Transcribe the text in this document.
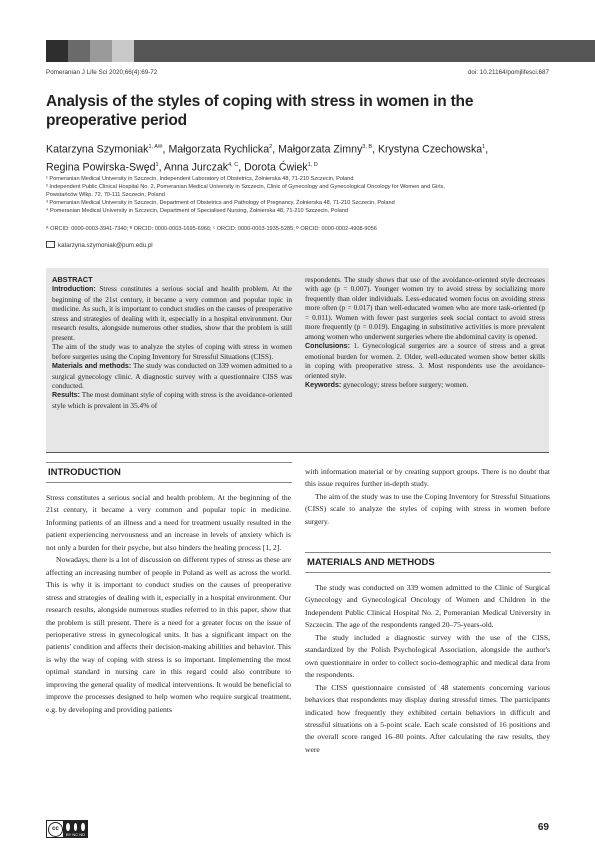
Pomeranian J Life Sci 2020;66(4):69-72	doi: 10.21164/pomjlifesci.687
Analysis of the styles of coping with stress in women in the preoperative period
Katarzyna Szymoniak$^{1, A✉}$, Małgorzata Rychlicka$^2$, Małgorzata Zimny$^{3, B}$, Krystyna Czechowska$^1$,
Regina Powirska-Swęd$^1$, Anna Jurczak$^{4, C}$, Dorota Ćwiek$^{1, D}$
¹ Pomeranian Medical University in Szczecin, Independent Laboratory of Obstetrics, Żołnierska 48, 71-210 Szczecin, Poland
² Independent Public Clinical Hospital No. 2, Pomeranian Medical University in Szczecin, Clinic of Gynecology and Gynecological Oncology for Women and Girls,
Powstańców Wlkp. 72, 70-111 Szczecin, Poland
³ Pomeranian Medical University in Szczecin, Department of Obstetrics and Pathology of Pregnancy, Żołnierska 48, 71-210 Szczecin, Poland
⁴ Pomeranian Medical University in Szczecin, Department of Specialised Nursing, Żołnierska 48, 71-210 Szczecin, Poland
ᴬ ORCID: 0000-0003-3941-7340; ᴮ ORCID: 0000-0003-1695-6966; ᶜ ORCID: 0000-0003-1935-5285; ᴰ ORCID: 0000-0002-4908-9056
katarzyna.szymoniak@pum.edu.pl
ABSTRACT
Introduction: Stress constitutes a serious social and health problem. At the beginning of the 21st century, it became a very common and popular topic in medicine. As such, it is important to conduct studies on the causes of preoperative stress and strategies of dealing with it, especially in a hospital environment. Our research results, alongside numerous other studies, show that the problem is still present.
The aim of the study was to analyze the styles of coping with stress in women before surgeries using the Coping Inventory for Stressful Situations (CISS).
Materials and methods: The study was conducted on 339 women admitted to a surgical gynecology clinic. A diagnostic survey with a questionnaire CISS was conducted.
Results: The most dominant style of coping with stress is the avoidance-oriented style which is prevalent in 35.4% of
respondents. The study shows that use of the avoidance-oriented style decreases with age (p = 0.007). Younger women try to avoid stress by socializing more frequently than older individuals. Less-educated women focus on avoiding stress more often (p = 0.017) than well-educated women who are more task-oriented (p = 0.011). Women with fewer past surgeries seek social contact to avoid stress more frequently (p = 0.019). Engaging in substitutive activities is more prevalent among women who underwent surgeries where the abdominal cavity is opened.
Conclusions: 1. Gynecological surgeries are a source of stress and a great emotional burden for women. 2. Older, well-educated women show better skills in coping with preoperative stress. 3. Most respondents use the avoidance-oriented style.
Keywords: gynecology; stress before surgery; women.
INTRODUCTION

Stress constitutes a serious social and health problem. At the beginning of the 21st century, it became a very common and popular topic in medicine. Informing patients of an illness and a need for treatment usually resulted in the patient experiencing nervousness and an increase in levels of anxiety which is not only a burden for their psyche, but also hinders the healing process [1, 2].

Nowadays, there is a lot of discussion on different types of stress as these are affecting an increasing number of people in Poland as well as across the world. This is why it is important to conduct studies on the causes of preoperative stress and strategies of dealing with it, especially in a hospital environment. Our research results, alongside numerous studies referred to in this paper, show that the problem is still present. There is a need for a greater focus on the issue of perioperative stress in gynecological units. It has a significant impact on the patients' condition and affects their decision-making abilities and behavior. This is why the way of coping with stress is so important. Implementing the most optimal standard in nursing care in this regard could also contribute to improving the general quality of medical interventions. It would be beneficial to improve the processes designed to help women who require surgical treatment, e.g. by developing and providing patients

with information material or by creating support groups. There is no doubt that this issue requires further in-depth study.

The aim of the study was to use the Coping Inventory for Stressful Situations (CISS) scale to analyze the styles of coping with stress in women before surgery.

MATERIALS AND METHODS

The study was conducted on 339 women admitted to the Clinic of Surgical Gynecology and Gynecological Oncology of Women and Children in the Independent Public Clinical Hospital No. 2, Pomeranian Medical University in Szczecin. The age of the respondents ranged 20–75-years-old.

The study included a diagnostic survey with the use of the CISS, standardized by the Polish Psychological Association, alongside the author's own questionnaire in order to collect socio-demographic and medical data from the respondents.

The CISS questionnaire consisted of 48 statements concerning various behaviors that respondents may display during stressful times. The participants indicated how frequently they exhibited certain behaviors in difficult and stressful situations on a 5-point scale. Each scale consisted of 16 positions and the overall score ranged 16–80 points. After calculating the raw results, they were

cc
BY NC ND
69
